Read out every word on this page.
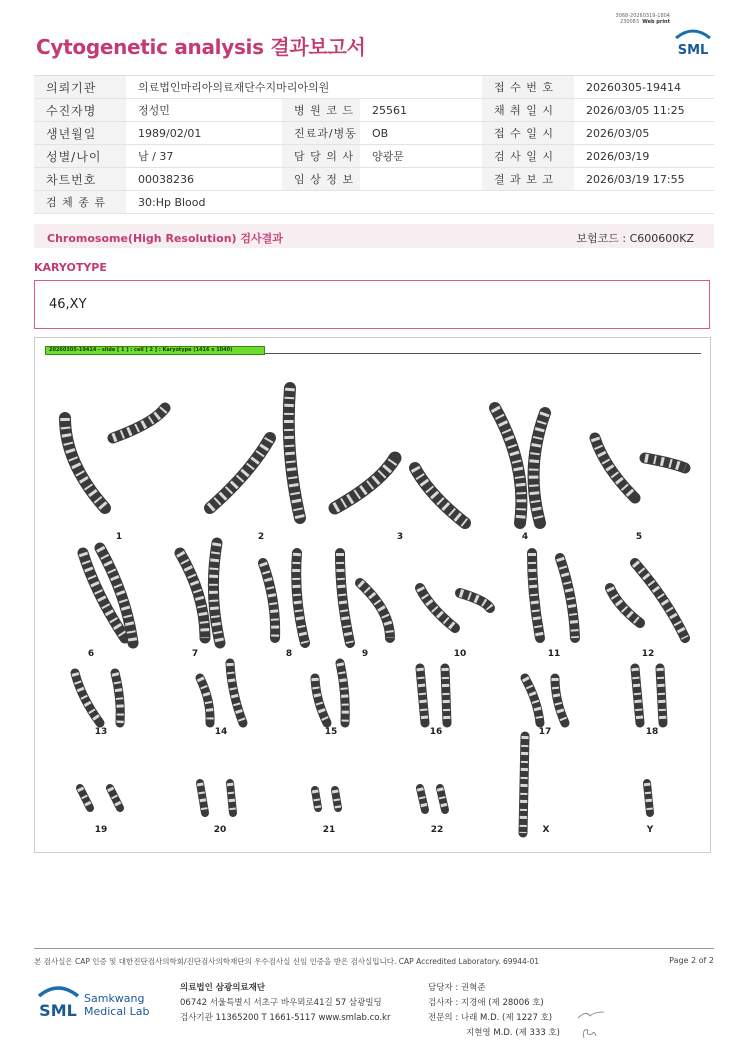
3068-20260319-1804
230083 Web print
Cytogenetic analysis 결과보고서	SML
의뢰기관	의료법인마리아의료재단수지마리아의원			접 수 번 호	20260305-19414
수진자명	정성민	병 원 코 드	25561	채 취 일 시	2026/03/05 11:25
생년월일	1989/02/01	진료과/병동	OB	접 수 일 시	2026/03/05
성별/나이	남 / 37	담 당 의 사	양광문	검 사 일 시	2026/03/19
차트번호	00038236	임 상 정 보		결 과 보 고	2026/03/19 17:55
검 체 종 류	30:Hp Blood				
Chromosome(High Resolution) 검사결과	보험코드 : C600600KZ
KARYOTYPE
46,XY
20260305-19414 - slide [ 1 ] : cell [ 2 ] : Karyotype (1416 x 1040)
1	2	3	4	5
6	7	8	9	10	11	12
13	14	15	16	17	18
19	20	21	22	X	Y
본 검사실은 CAP 인증 및 대한진단검사의학회/진단검사의학재단의 우수검사실 신임 인증을 받은 검사실입니다. CAP Accredited Laboratory. 69944-01	Page 2 of 2
SML
Samkwang
Medical Lab
의료법인 삼광의료재단
06742 서울특별시 서초구 바우뫼로41길 57 삼광빌딩
검사기관 11365200 T 1661-5117 www.smlab.co.kr
담당자 : 권혁준
검사자 : 지경애 (제 28006 호)
전문의 : 나래 M.D. (제 1227 호)
지현영 M.D. (제 333 호)
